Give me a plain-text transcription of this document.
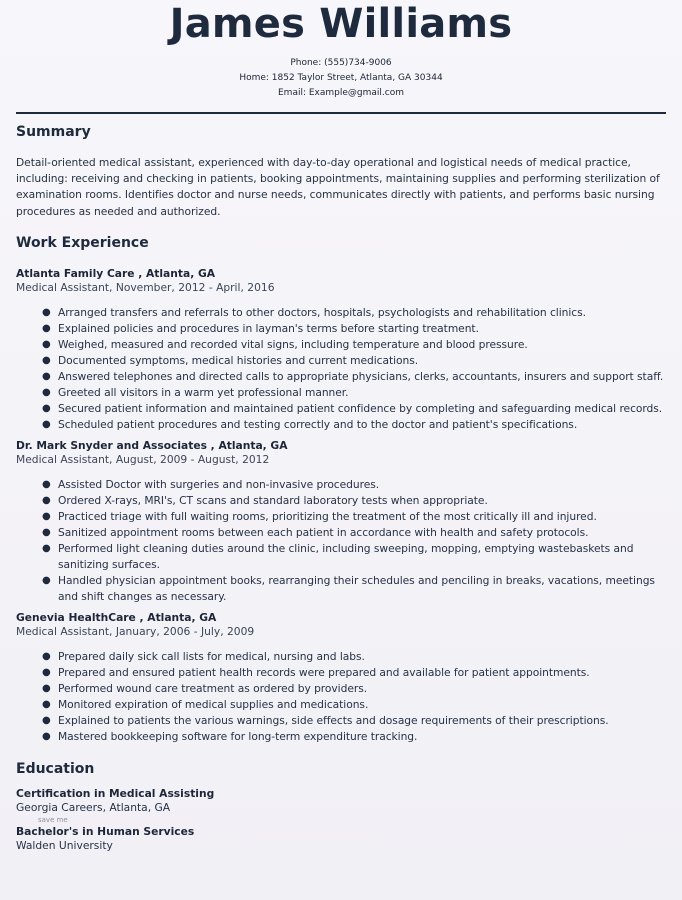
James Williams
Phone: (555)734-9006
Home: 1852 Taylor Street, Atlanta, GA 30344
Email: Example@gmail.com
Summary
Detail-oriented medical assistant, experienced with day-to-day operational and logistical needs of medical practice, including: receiving and checking in patients, booking appointments, maintaining supplies and performing sterilization of examination rooms. Identifies doctor and nurse needs, communicates directly with patients, and performs basic nursing procedures as needed and authorized.
Work Experience
Atlanta Family Care , Atlanta, GA
Medical Assistant, November, 2012 - April, 2016
● Arranged transfers and referrals to other doctors, hospitals, psychologists and rehabilitation clinics.
● Explained policies and procedures in layman's terms before starting treatment.
● Weighed, measured and recorded vital signs, including temperature and blood pressure.
● Documented symptoms, medical histories and current medications.
● Answered telephones and directed calls to appropriate physicians, clerks, accountants, insurers and support staff.
● Greeted all visitors in a warm yet professional manner.
● Secured patient information and maintained patient confidence by completing and safeguarding medical records.
● Scheduled patient procedures and testing correctly and to the doctor and patient's specifications.
Dr. Mark Snyder and Associates , Atlanta, GA
Medical Assistant, August, 2009 - August, 2012
● Assisted Doctor with surgeries and non-invasive procedures.
● Ordered X-rays, MRI's, CT scans and standard laboratory tests when appropriate.
● Practiced triage with full waiting rooms, prioritizing the treatment of the most critically ill and injured.
● Sanitized appointment rooms between each patient in accordance with health and safety protocols.
● Performed light cleaning duties around the clinic, including sweeping, mopping, emptying wastebaskets and sanitizing surfaces.
● Handled physician appointment books, rearranging their schedules and penciling in breaks, vacations, meetings and shift changes as necessary.
Genevia HealthCare , Atlanta, GA
Medical Assistant, January, 2006 - July, 2009
● Prepared daily sick call lists for medical, nursing and labs.
● Prepared and ensured patient health records were prepared and available for patient appointments.
● Performed wound care treatment as ordered by providers.
● Monitored expiration of medical supplies and medications.
● Explained to patients the various warnings, side effects and dosage requirements of their prescriptions.
● Mastered bookkeeping software for long-term expenditure tracking.
Education
Certification in Medical Assisting
Georgia Careers, Atlanta, GA
save me
Bachelor's in Human Services
Walden University
